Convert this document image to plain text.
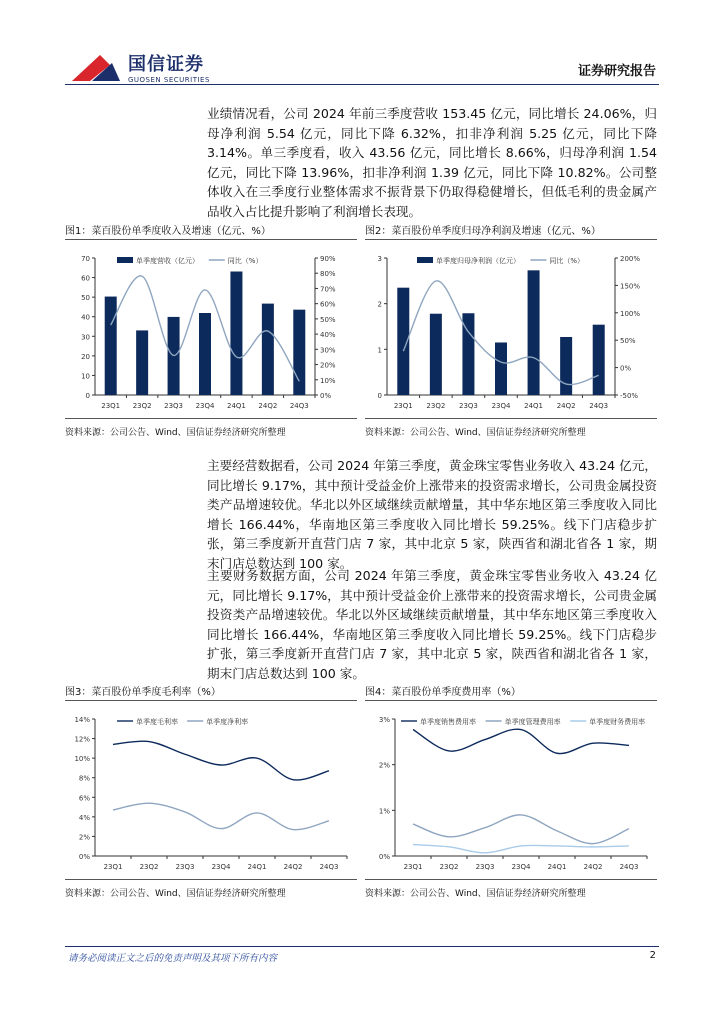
国信证券
GUOSEN SECURITIES
证券研究报告

业绩情况看，公司 2024 年前三季度营收 153.45 亿元，同比增长 24.06%，归母净利润 5.54 亿元，同比下降 6.32%，扣非净利润 5.25 亿元，同比下降 3.14%。单三季度看，收入 43.56 亿元，同比增长 8.66%，归母净利润 1.54 亿元，同比下降 13.96%，扣非净利润 1.39 亿元，同比下降 10.82%。公司整体收入在三季度行业整体需求不振背景下仍取得稳健增长，但低毛利的贵金属产品收入占比提升影响了利润增长表现。

图1：菜百股份单季度收入及增速（亿元、%）
0
10
20
30
40
50
60
70
0%
10%
20%
30%
40%
50%
60%
70%
80%
90%
23Q1 23Q2 23Q3 23Q4 24Q1 24Q2 24Q3
单季度营收（亿元）	同比（%）
资料来源：公司公告、Wind、国信证券经济研究所整理
图2：菜百股份单季度归母净利润及增速（亿元、%）
0
1
2
3
-50%
0%
50%
100%
150%
200%
23Q1 23Q2 23Q3 23Q4 24Q1 24Q2 24Q3
单季度归母净利润（亿元）	同比（%）
资料来源：公司公告、Wind、国信证券经济研究所整理

主要经营数据看，公司 2024 年第三季度，黄金珠宝零售业务收入 43.24 亿元，同比增长 9.17%，其中预计受益金价上涨带来的投资需求增长，公司贵金属投资类产品增速较优。华北以外区域继续贡献增量，其中华东地区第三季度收入同比增长 166.44%，华南地区第三季度收入同比增长 59.25%。线下门店稳步扩张，第三季度新开直营门店 7 家，其中北京 5 家，陕西省和湖北省各 1 家，期末门店总数达到 100 家。

主要财务数据方面，公司 2024 年第三季度，黄金珠宝零售业务收入 43.24 亿元，同比增长 9.17%，其中预计受益金价上涨带来的投资需求增长，公司贵金属投资类产品增速较优。华北以外区域继续贡献增量，其中华东地区第三季度收入同比增长 166.44%，华南地区第三季度收入同比增长 59.25%。线下门店稳步扩张，第三季度新开直营门店 7 家，其中北京 5 家，陕西省和湖北省各 1 家，期末门店总数达到 100 家。

图3：菜百股份单季度毛利率（%）
0%
2%
4%
6%
8%
10%
12%
14%
23Q1 23Q2 23Q3 23Q4 24Q1 24Q2 24Q3
单季度毛利率	单季度净利率
资料来源：公司公告、Wind、国信证券经济研究所整理
图4：菜百股份单季度费用率（%）
0%
1%
2%
3%
23Q1 23Q2 23Q3 23Q4 24Q1 24Q2 24Q3
单季度销售费用率	单季度管理费用率	单季度财务费用率
资料来源：公司公告、Wind、国信证券经济研究所整理
请务必阅读正文之后的免责声明及其项下所有内容	2
